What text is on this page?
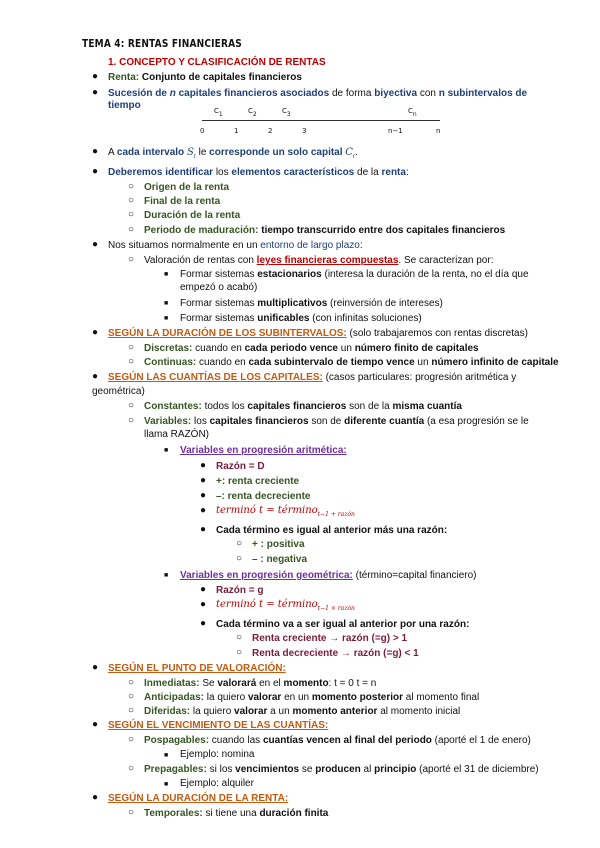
TEMA 4: RENTAS FINANCIERAS
1. CONCEPTO Y CLASIFICACIÓN DE RENTAS
● Renta: Conjunto de capitales financieros
● Sucesión de n capitales financieros asociados de forma biyectiva con n subintervalos de
tiempo	C1	C2	C3	Cn
0	1	2	3	n−1	n
● A cada intervalo $S_r$ le corresponde un solo capital $C_r$.
● Deberemos identificar los elementos característicos de la renta:
○ Origen de la renta
○ Final de la renta
○ Duración de la renta
○ Periodo de maduración: tiempo transcurrido entre dos capitales financieros
● Nos situamos normalmente en un entorno de largo plazo:
○ Valoración de rentas con leyes financieras compuestas. Se caracterizan por:
■ Formar sistemas estacionarios (interesa la duración de la renta, no el día que
empezó o acabó)
■ Formar sistemas multiplicativos (reinversión de intereses)
■ Formar sistemas unificables (con infinitas soluciones)
● SEGÚN LA DURACIÓN DE LOS SUBINTERVALOS: (solo trabajaremos con rentas discretas)
○ Discretas: cuando en cada periodo vence un número finito de capitales
○ Continuas: cuando en cada subintervalo de tiempo vence un número infinito de capitale
● SEGÚN LAS CUANTÍAS DE LOS CAPITALES: (casos particulares: progresión aritmética y
geométrica)
○ Constantes: todos los capitales financieros son de la misma cuantía
○ Variables: los capitales financieros son de diferente cuantía (a esa progresión se le
llama RAZÓN)
■ Variables en progresión aritmética:
● Razón = D
● +: renta creciente
● –: renta decreciente
● terminó t = término$_{t-1 + razón}$
● Cada término es igual al anterior más una razón:
○ + : positiva
○ – : negativa
■ Variables en progresión geométrica: (término=capital financiero)
● Razón = g
● terminó t = término$_{t-1 \times razón}$
● Cada término va a ser igual al anterior por una razón:
○ Renta creciente → razón (=g) > 1
○ Renta decreciente → razón (=g) < 1
● SEGÚN EL PUNTO DE VALORACIÓN:
○ Inmediatas: Se valorará en el momento: t = 0 t = n
○ Anticipadas: la quiero valorar en un momento posterior al momento final
○ Diferidas: la quiero valorar a un momento anterior al momento inicial
● SEGÚN EL VENCIMIENTO DE LAS CUANTÍAS:
○ Pospagables: cuando las cuantías vencen al final del periodo (aporté el 1 de enero)
■ Ejemplo: nomina
○ Prepagables: si los vencimientos se producen al principio (aporté el 31 de diciembre)
■ Ejemplo: alquiler
● SEGÚN LA DURACIÓN DE LA RENTA:
○ Temporales: si tiene una duración finita
